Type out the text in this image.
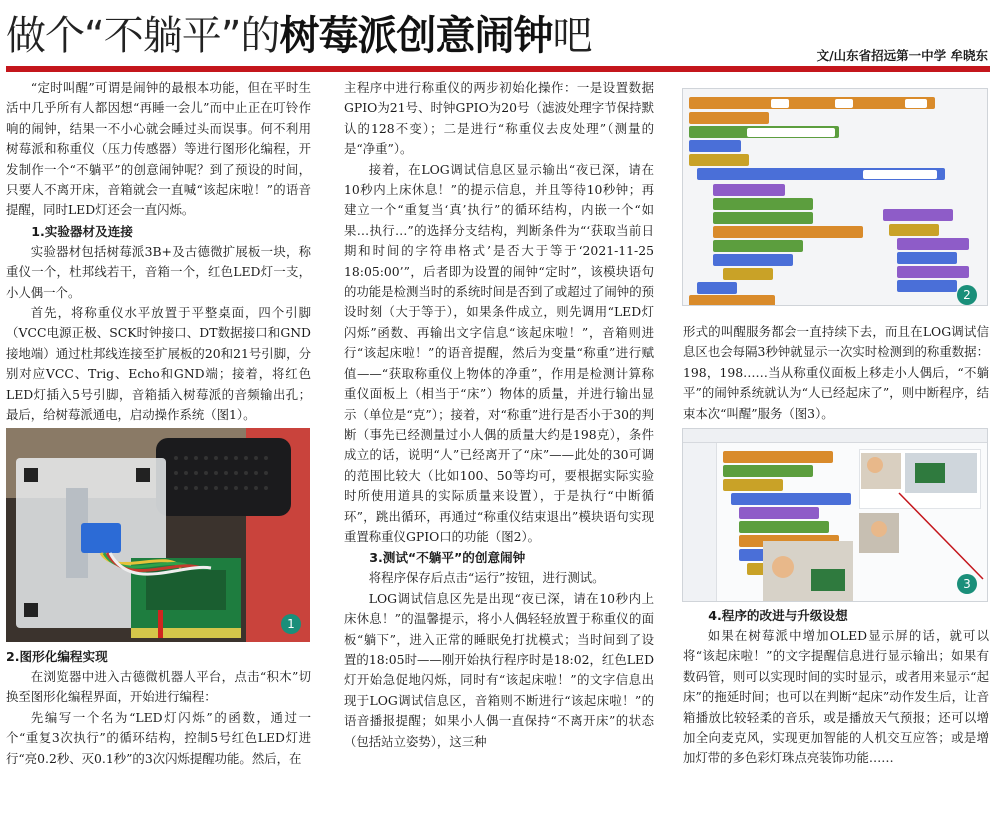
做个“不躺平”的树莓派创意闹钟吧	文/山东省招远第一中学 牟晓东

“定时叫醒”可谓是闹钟的最根本功能，但在平时生活中几乎所有人都因想“再睡一会儿”而中止正在叮铃作响的闹钟，结果一不小心就会睡过头而误事。何不利用树莓派和称重仪（压力传感器）等进行图形化编程，开发制作一个“不躺平”的创意闹钟呢？到了预设的时间，只要人不离开床，音箱就会一直喊“该起床啦！”的语音提醒，同时LED灯还会一直闪烁。

1.实验器材及连接

实验器材包括树莓派3B+及古德微扩展板一块，称重仪一个，杜邦线若干，音箱一个，红色LED灯一支，小人偶一个。

首先，将称重仪水平放置于平整桌面，四个引脚（VCC电源正极、SCK时钟接口、DT数据接口和GND接地端）通过杜邦线连接至扩展板的20和21号引脚，分别对应VCC、Trig、Echo和GND端；接着，将红色LED灯插入5号引脚，音箱插入树莓派的音频输出孔；最后，给树莓派通电，启动操作系统（图1）。

1
2.图形化编程实现

在浏览器中进入古德微机器人平台，点击“积木”切换至图形化编程界面，开始进行编程：

先编写一个名为“LED灯闪烁”的函数，通过一个“重复3次执行”的循环结构，控制5号红色LED灯进行“亮0.2秒、灭0.1秒”的3次闪烁提醒功能。然后，在

主程序中进行称重仪的两步初始化操作：一是设置数据GPIO为21号、时钟GPIO为20号（滤波处理字节保持默认的128不变）；二是进行“称重仪去皮处理”（测量的是“净重”）。

接着，在LOG调试信息区显示输出“夜已深，请在10秒内上床休息！”的提示信息，并且等待10秒钟；再建立一个“重复当‘真’执行”的循环结构，内嵌一个“如果…执行…”的选择分支结构，判断条件为“‘获取当前日期和时间的字符串格式’是否大于等于‘2021-11-25 18:05:00’”，后者即为设置的闹钟“定时”，该模块语句的功能是检测当时的系统时间是否到了或超过了闹钟的预设时刻（大于等于），如果条件成立，则先调用“LED灯闪烁”函数、再输出文字信息“该起床啦！”，音箱则进行“该起床啦！”的语音提醒，然后为变量“称重”进行赋值——“获取称重仪上物体的净重”，作用是检测计算称重仪面板上（相当于“床”）物体的质量，并进行输出显示（单位是“克”）；接着，对“称重”进行是否小于30的判断（事先已经测量过小人偶的质量大约是198克），条件成立的话，说明“人”已经离开了“床”——此处的30可调的范围比较大（比如100、50等均可，要根据实际实验时所使用道具的实际质量来设置），于是执行“中断循环”，跳出循环，再通过“称重仪结束退出”模块语句实现重置称重仪GPIO口的功能（图2）。

3.测试“不躺平”的创意闹钟

将程序保存后点击“运行”按钮，进行测试。

LOG调试信息区先是出现“夜已深，请在10秒内上床休息！”的温馨提示，将小人偶轻轻放置于称重仪的面板“躺下”，进入正常的睡眠免打扰模式；当时间到了设置的18:05时——刚开始执行程序时是18:02，红色LED灯开始急促地闪烁，同时有“该起床啦！”的文字信息出现于LOG调试信息区，音箱则不断进行“该起床啦！”的语音播报提醒；如果小人偶一直保持“不离开床”的状态（包括站立姿势），这三种

2

形式的叫醒服务都会一直持续下去，而且在LOG调试信息区也会每隔3秒钟就显示一次实时检测到的称重数据：198，198……当从称重仪面板上移走小人偶后，“不躺平”的闹钟系统就认为“人已经起床了”，则中断程序，结束本次“叫醒”服务（图3）。

3
4.程序的改进与升级设想

如果在树莓派中增加OLED显示屏的话，就可以将“该起床啦！”的文字提醒信息进行显示输出；如果有数码管，则可以实现时间的实时显示，或者用来显示“起床”的拖延时间；也可以在判断“起床”动作发生后，让音箱播放比较轻柔的音乐，或是播放天气预报；还可以增加全向麦克风，实现更加智能的人机交互应答；或是增加灯带的多色彩灯珠点亮装饰功能……
